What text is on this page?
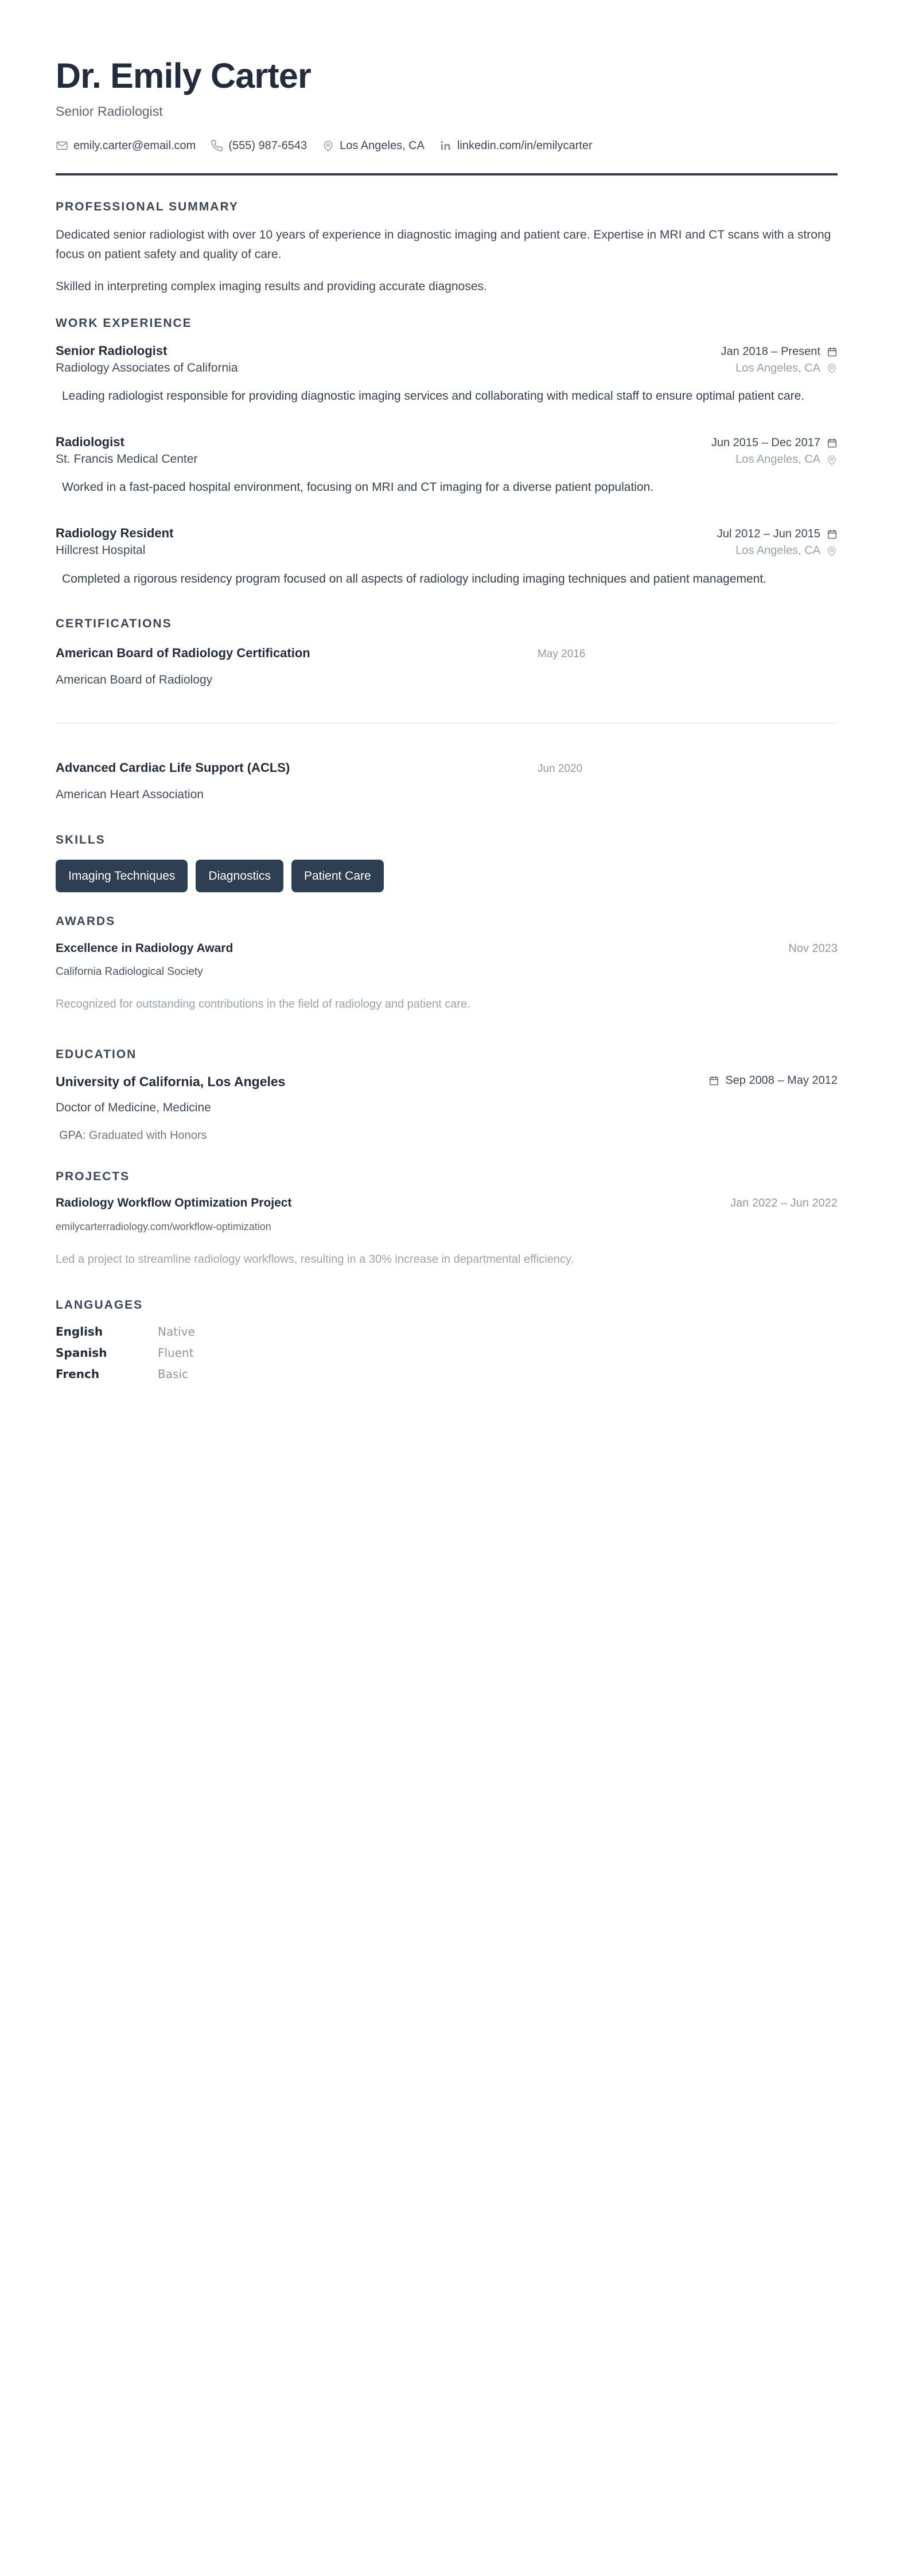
Dr. Emily Carter
Senior Radiologist
emily.carter@email.com	(555) 987-6543	Los Angeles, CA	linkedin.com/in/emilycarter
PROFESSIONAL SUMMARY

Dedicated senior radiologist with over 10 years of experience in diagnostic imaging and patient care. Expertise in MRI and CT scans with a strong focus on patient safety and quality of care.

Skilled in interpreting complex imaging results and providing accurate diagnoses.

WORK EXPERIENCE
Senior Radiologist	Jan 2018 – Present
Radiology Associates of California	Los Angeles, CA
Leading radiologist responsible for providing diagnostic imaging services and collaborating with medical staff to ensure optimal patient care.
Radiologist	Jun 2015 – Dec 2017
St. Francis Medical Center	Los Angeles, CA
Worked in a fast-paced hospital environment, focusing on MRI and CT imaging for a diverse patient population.
Radiology Resident	Jul 2012 – Jun 2015
Hillcrest Hospital	Los Angeles, CA
Completed a rigorous residency program focused on all aspects of radiology including imaging techniques and patient management.
CERTIFICATIONS
American Board of Radiology Certification	May 2016
American Board of Radiology
Advanced Cardiac Life Support (ACLS)	Jun 2020
American Heart Association
SKILLS
Imaging Techniques	Diagnostics	Patient Care
AWARDS
Excellence in Radiology Award	Nov 2023
California Radiological Society
Recognized for outstanding contributions in the field of radiology and patient care.
EDUCATION
University of California, Los Angeles	Sep 2008 – May 2012
Doctor of Medicine, Medicine
GPA: Graduated with Honors
PROJECTS
Radiology Workflow Optimization Project	Jan 2022 – Jun 2022
emilycarterradiology.com/workflow-optimization
Led a project to streamline radiology workflows, resulting in a 30% increase in departmental efficiency.
LANGUAGES
English	Native
Spanish	Fluent
French	Basic
